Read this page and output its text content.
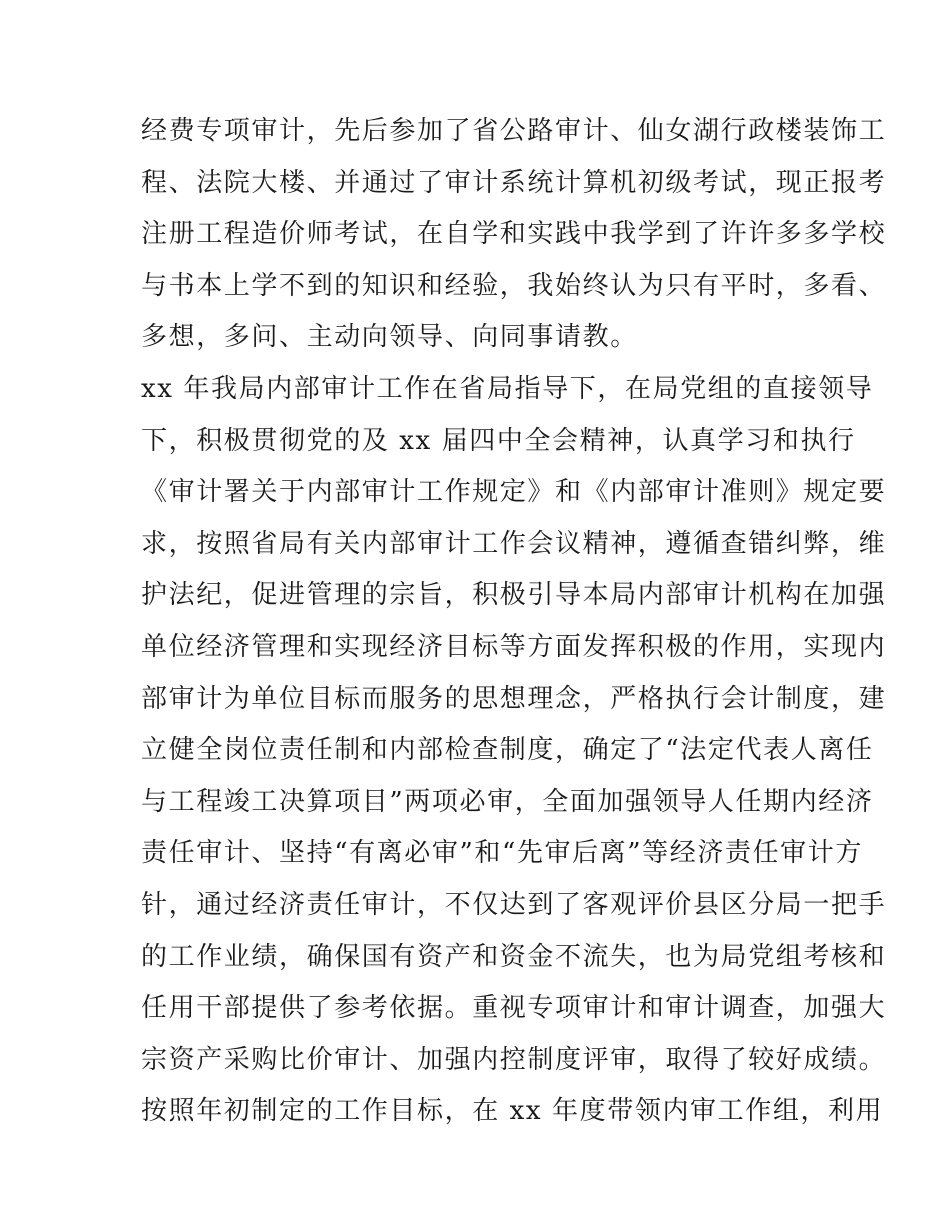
经费专项审计，先后参加了省公路审计、仙女湖行政楼装饰工
程、法院大楼、并通过了审计系统计算机初级考试，现正报考
注册工程造价师考试，在自学和实践中我学到了许许多多学校
与书本上学不到的知识和经验，我始终认为只有平时，多看、
多想，多问、主动向领导、向同事请教。
xx 年我局内部审计工作在省局指导下，在局党组的直接领导
下，积极贯彻党的及 xx 届四中全会精神，认真学习和执行
《审计署关于内部审计工作规定》和《内部审计准则》规定要
求，按照省局有关内部审计工作会议精神，遵循查错纠弊，维
护法纪，促进管理的宗旨，积极引导本局内部审计机构在加强
单位经济管理和实现经济目标等方面发挥积极的作用，实现内
部审计为单位目标而服务的思想理念，严格执行会计制度，建
立健全岗位责任制和内部检查制度，确定了“法定代表人离任
与工程竣工决算项目”两项必审，全面加强领导人任期内经济
责任审计、坚持“有离必审”和“先审后离”等经济责任审计方
针，通过经济责任审计，不仅达到了客观评价县区分局一把手
的工作业绩，确保国有资产和资金不流失，也为局党组考核和
任用干部提供了参考依据。重视专项审计和审计调查，加强大
宗资产采购比价审计、加强内控制度评审，取得了较好成绩。
按照年初制定的工作目标，在 xx 年度带领内审工作组，利用
